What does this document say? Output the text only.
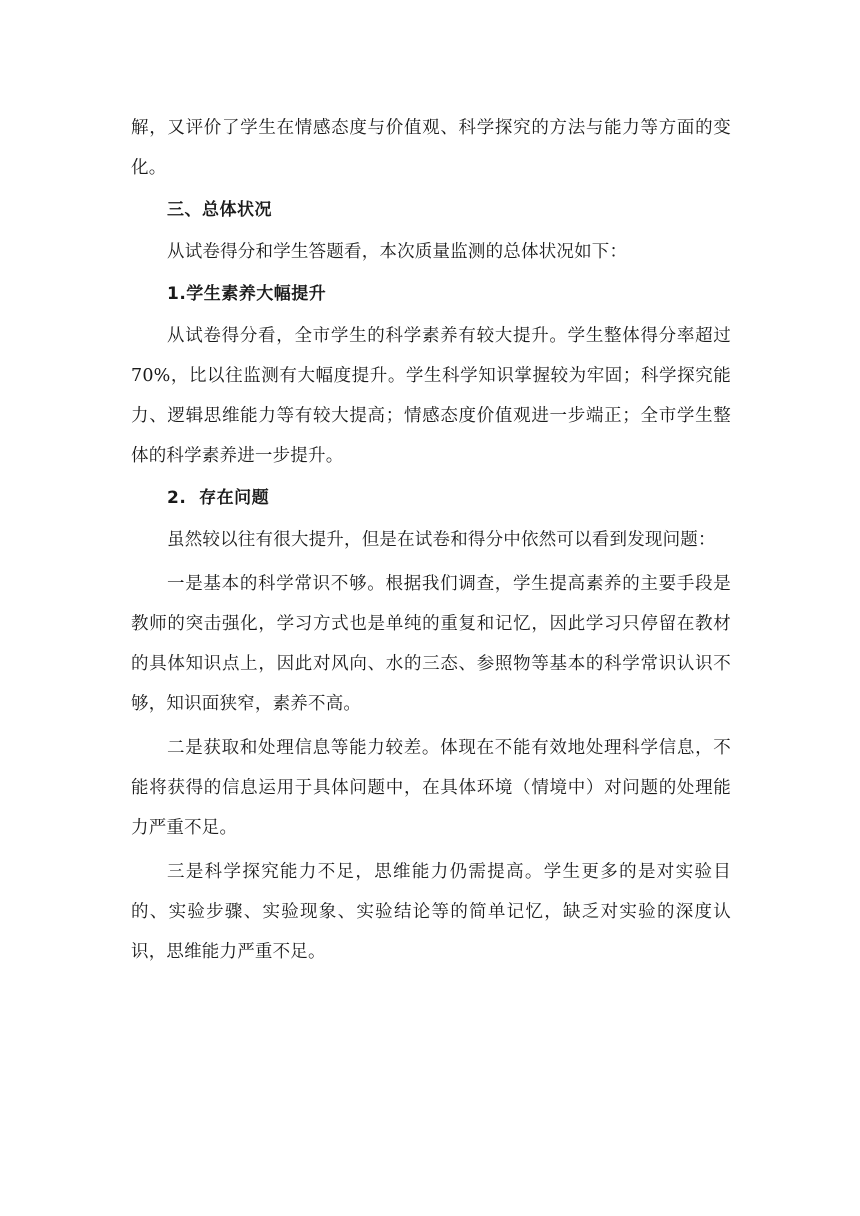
解，又评价了学生在情感态度与价值观、科学探究的方法与能力等方面的变化。

三、总体状况

从试卷得分和学生答题看，本次质量监测的总体状况如下：

1.学生素养大幅提升

从试卷得分看，全市学生的科学素养有较大提升。学生整体得分率超过 70%，比以往监测有大幅度提升。学生科学知识掌握较为牢固；科学探究能力、逻辑思维能力等有较大提高；情感态度价值观进一步端正；全市学生整体的科学素养进一步提升。

2.  存在问题

虽然较以往有很大提升，但是在试卷和得分中依然可以看到发现问题：

一是基本的科学常识不够。根据我们调查，学生提高素养的主要手段是教师的突击强化，学习方式也是单纯的重复和记忆，因此学习只停留在教材的具体知识点上，因此对风向、水的三态、参照物等基本的科学常识认识不够，知识面狭窄，素养不高。

二是获取和处理信息等能力较差。体现在不能有效地处理科学信息，不能将获得的信息运用于具体问题中，在具体环境（情境中）对问题的处理能力严重不足。

三是科学探究能力不足，思维能力仍需提高。学生更多的是对实验目的、实验步骤、实验现象、实验结论等的简单记忆，缺乏对实验的深度认识，思维能力严重不足。
